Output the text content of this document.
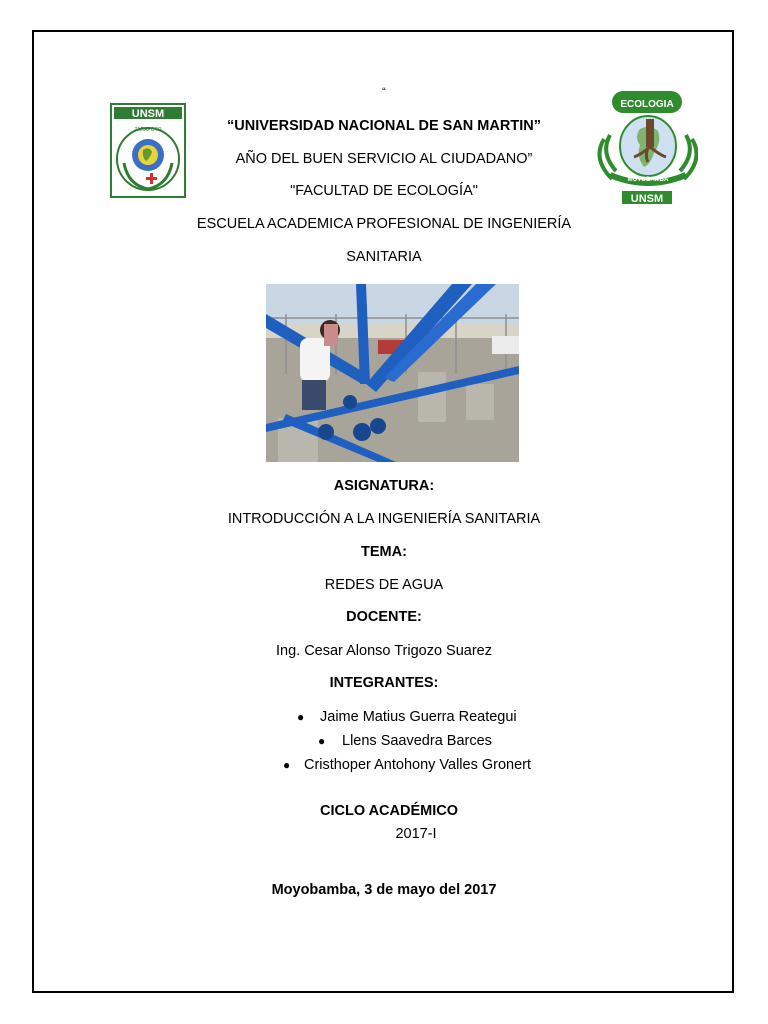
UNSM
TARAPOTO
ECOLOGIA
MOYOBAMBA
UNSM
“
“UNIVERSIDAD NACIONAL DE SAN MARTIN”
AÑO DEL BUEN SERVICIO AL CIUDADANO”
"FACULTAD DE ECOLOGÍA"
ESCUELA ACADEMICA PROFESIONAL DE INGENIERÍA
SANITARIA
ASIGNATURA:
INTRODUCCIÓN A LA INGENIERÍA SANITARIA
TEMA:
REDES DE AGUA
DOCENTE:
Ing. Cesar Alonso Trigozo Suarez
INTEGRANTES:
● Jaime Matius Guerra Reategui
● Llens Saavedra Barces
● Cristhoper Antohony Valles Gronert
CICLO ACADÉMICO
2017-I
Moyobamba, 3 de mayo del 2017
